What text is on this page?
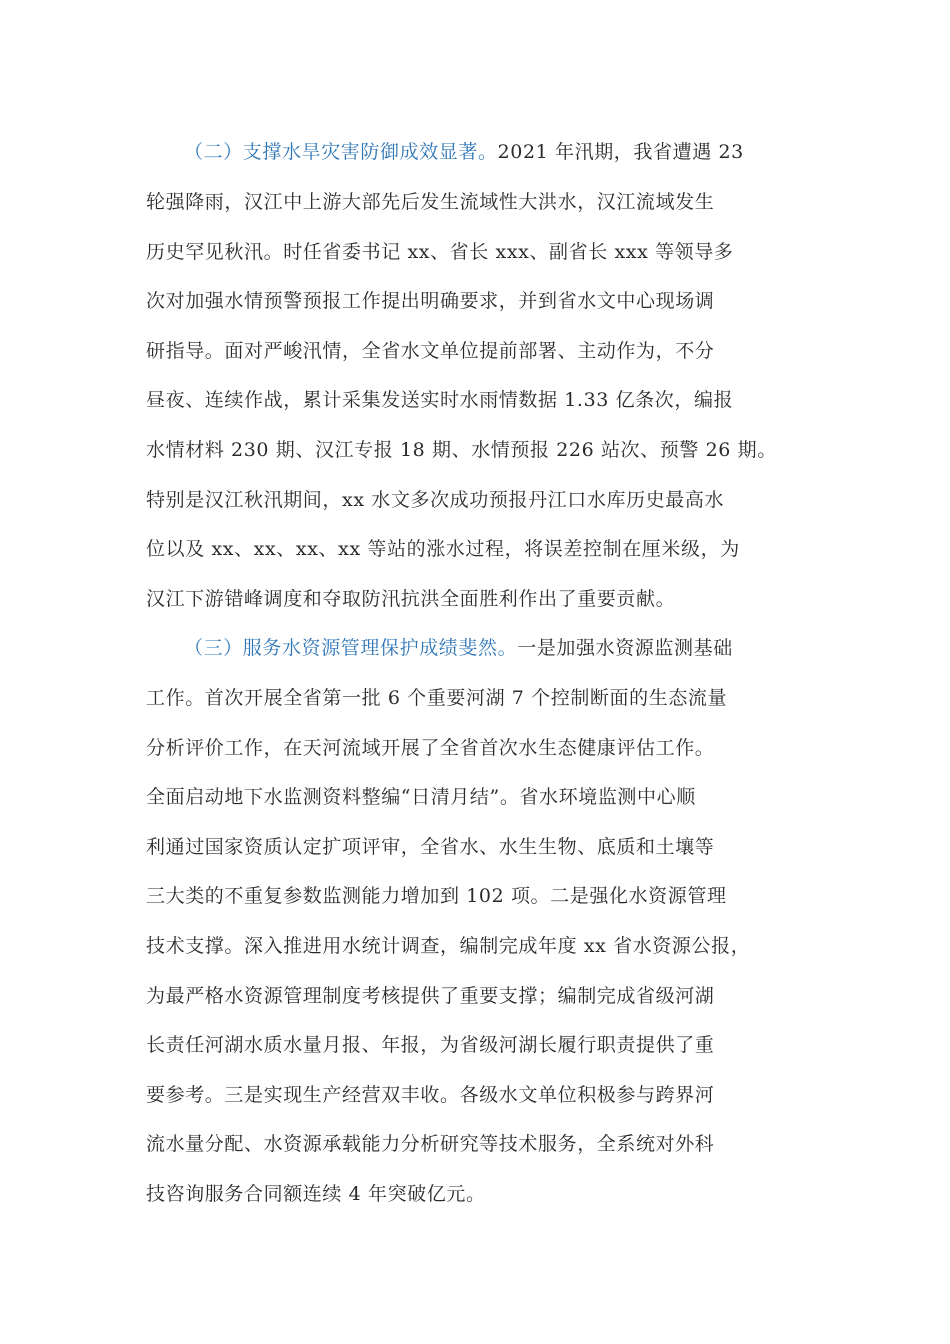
（二）支撑水旱灾害防御成效显著。2021 年汛期，我省遭遇 23
轮强降雨，汉江中上游大部先后发生流域性大洪水，汉江流域发生
历史罕见秋汛。时任省委书记 xx、省长 xxx、副省长 xxx 等领导多
次对加强水情预警预报工作提出明确要求，并到省水文中心现场调
研指导。面对严峻汛情，全省水文单位提前部署、主动作为，不分
昼夜、连续作战，累计采集发送实时水雨情数据 1.33 亿条次，编报
水情材料 230 期、汉江专报 18 期、水情预报 226 站次、预警 26 期。
特别是汉江秋汛期间，xx 水文多次成功预报丹江口水库历史最高水
位以及 xx、xx、xx、xx 等站的涨水过程，将误差控制在厘米级，为
汉江下游错峰调度和夺取防汛抗洪全面胜利作出了重要贡献。
（三）服务水资源管理保护成绩斐然。一是加强水资源监测基础
工作。首次开展全省第一批 6 个重要河湖 7 个控制断面的生态流量
分析评价工作，在天河流域开展了全省首次水生态健康评估工作。
全面启动地下水监测资料整编“日清月结”。省水环境监测中心顺
利通过国家资质认定扩项评审，全省水、水生生物、底质和土壤等
三大类的不重复参数监测能力增加到 102 项。二是强化水资源管理
技术支撑。深入推进用水统计调查，编制完成年度 xx 省水资源公报，
为最严格水资源管理制度考核提供了重要支撑；编制完成省级河湖
长责任河湖水质水量月报、年报，为省级河湖长履行职责提供了重
要参考。三是实现生产经营双丰收。各级水文单位积极参与跨界河
流水量分配、水资源承载能力分析研究等技术服务，全系统对外科
技咨询服务合同额连续 4 年突破亿元。
